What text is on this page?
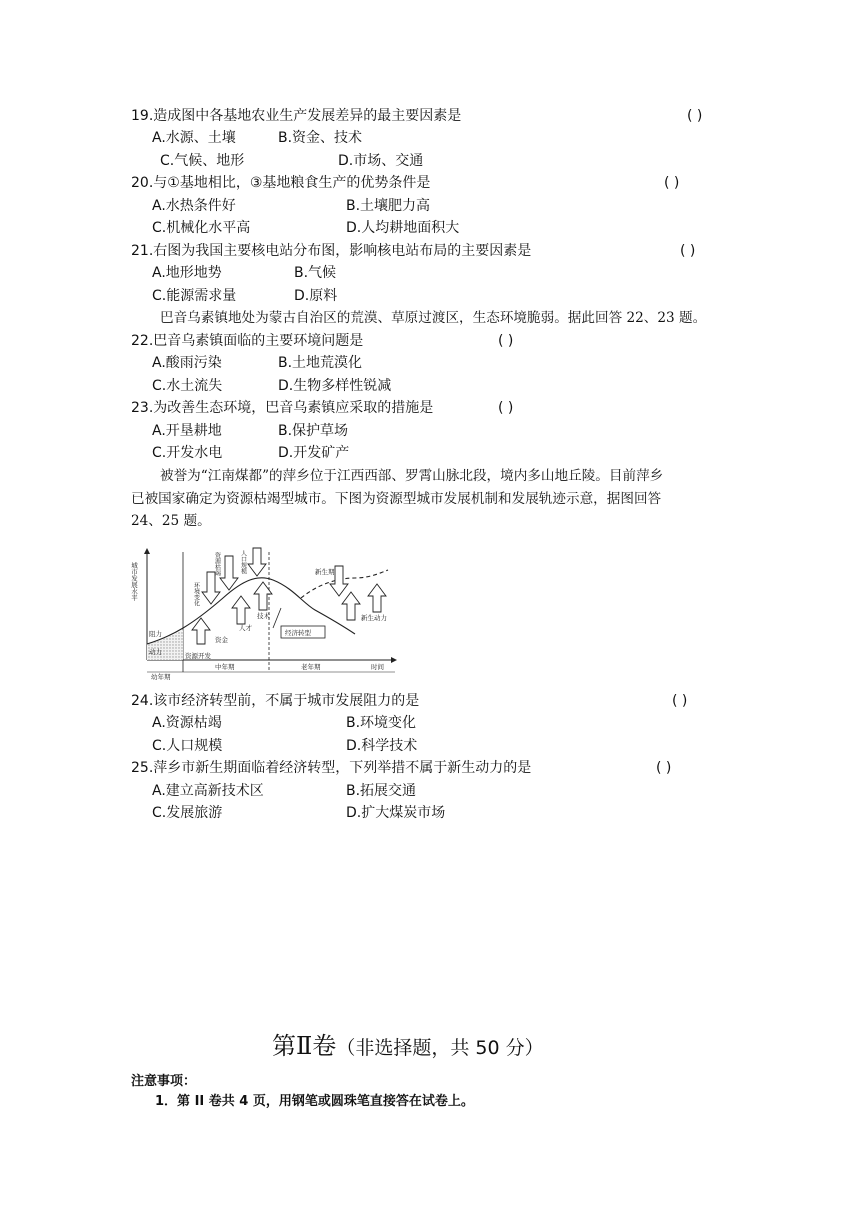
19.造成图中各基地农业生产发展差异的最主要因素是	( )
A.水源、土壤	B.资金、技术
C.气候、地形	D.市场、交通
20.与①基地相比，③基地粮食生产的优势条件是	( )
A.水热条件好	B.土壤肥力高
C.机械化水平高	D.人均耕地面积大
21.右图为我国主要核电站分布图，影响核电站布局的主要因素是	( )
A.地形地势	B.气候
C.能源需求量	D.原料
巴音乌素镇地处为蒙古自治区的荒漠、草原过渡区，生态环境脆弱。据此回答 22、23 题。
22.巴音乌素镇面临的主要环境问题是	( )
A.酸雨污染	B.土地荒漠化
C.水土流失	D.生物多样性锐减
23.为改善生态环境，巴音乌素镇应采取的措施是	( )
A.开垦耕地	B.保护草场
C.开发水电	D.开发矿产
被誉为“江南煤都”的萍乡位于江西西部、罗霄山脉北段，境内多山地丘陵。目前萍乡
已被国家确定为资源枯竭型城市。下图为资源型城市发展机制和发展轨迹示意，据图回答
24、25 题。
城市发展水平
阻力
动力	资源开发
资金
人才
技术
环境变化
资源枯竭	人口规模	新生期
新生动力
经济转型
时间
幼年期
中年期	老年期
24.该市经济转型前，不属于城市发展阻力的是	( )
A.资源枯竭	B.环境变化
C.人口规模	D.科学技术
25.萍乡市新生期面临着经济转型，下列举措不属于新生动力的是	( )
A.建立高新技术区	B.拓展交通
C.发展旅游	D.扩大煤炭市场
第Ⅱ卷（非选择题，共 50 分）
注意事项：
1．第 II 卷共 4 页，用钢笔或圆珠笔直接答在试卷上。
